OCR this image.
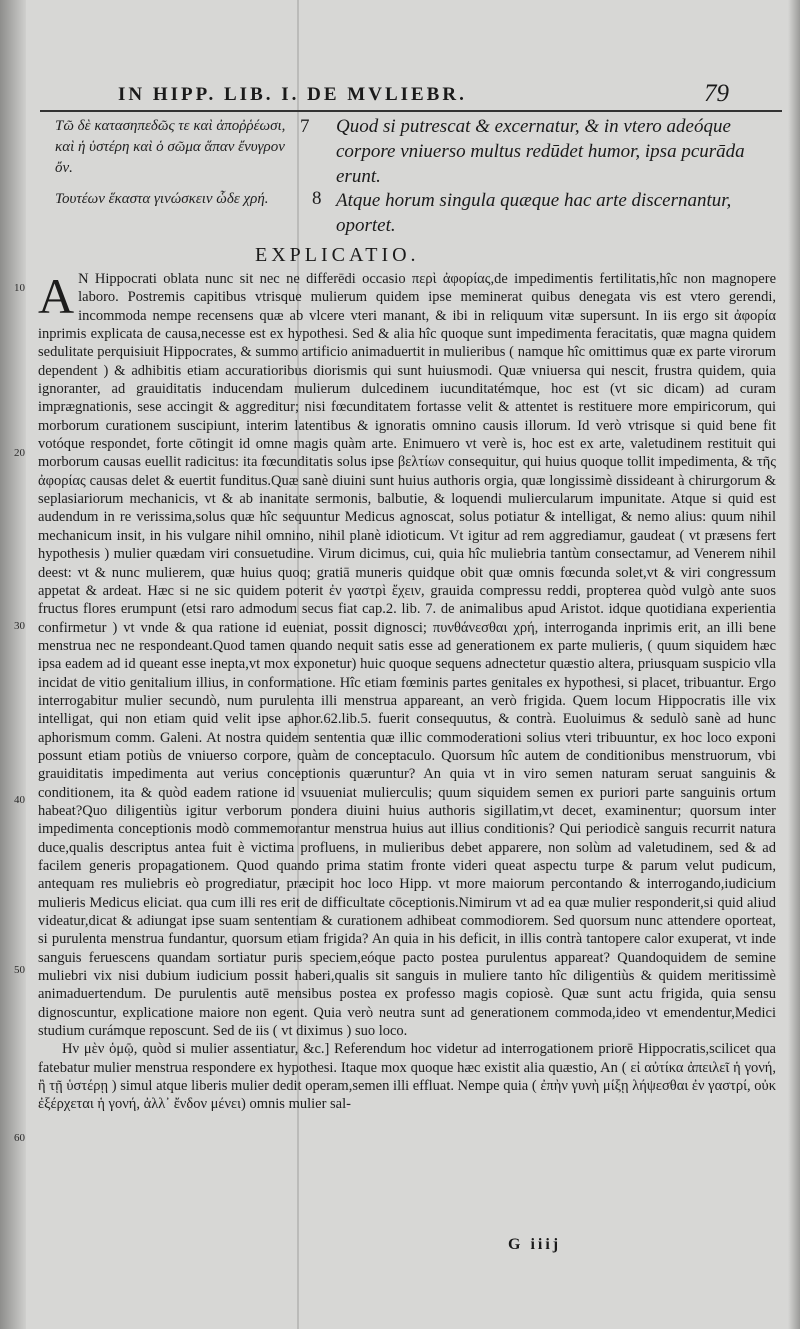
IN HIPP. LIB. I. DE MVLIEBR.	79
Τῶ δὲ κατασηπεδῶς τε καὶ ἀποῤῥέωσι, καὶ ἡ ὑστέρη καὶ ὁ σῶμα ἅπαν ἔνυγρον ὄν.
7 Quod si putrescat & excernatur, & in vtero adeóque corpore vniuerso multus redūdet humor, ipsa pcurāda erunt.
Τουτέων ἕκαστα γινώσκειν ὧδε χρή.	8 Atque horum singula quæque hac arte discernantur, oportet.
EXPLICATIO.
10
20
30
40
50
60

A N Hippocrati oblata nunc sit nec ne differēdi occasio περὶ ἀφορίας,de impedimentis fertilitatis,hîc non magnopere laboro. Postremis capitibus vtrisque mulierum quidem ipse meminerat quibus denegata vis est vtero gerendi, incommoda nempe recensens quæ ab vlcere vteri manant, & ibi in reliquum vitæ supersunt. In iis ergo sit ἀφορία inprimis explicata de causa,necesse est ex hypothesi. Sed & alia hîc quoque sunt impedimenta feracitatis, quæ magna quidem sedulitate perquisiuit Hippocrates, & summo artificio animaduertit in mulieribus ( namque hîc omittimus quæ ex parte virorum dependent ) & adhibitis etiam accuratioribus diorismis qui sunt huiusmodi. Quæ vniuersa qui nescit, frustra quidem, quia ignoranter, ad grauiditatis inducendam mulierum dulcedinem iucunditatémque, hoc est (vt sic dicam) ad curam imprægnationis, sese accingit & aggreditur; nisi fœcunditatem fortasse velit & attentet is restituere more empiricorum, qui morborum curationem suscipiunt, interim latentibus & ignoratis omnino causis illorum. Id verò vtrisque si quid bene fit votóque respondet, forte cōtingit id omne magis quàm arte. Enimuero vt verè is, hoc est ex arte, valetudinem restituit qui morborum causas euellit radicitus: ita fœcunditatis solus ipse βελτίων consequitur, qui huius quoque tollit impedimenta, & τῆς ἀφορίας causas delet & euertit funditus.Quæ sanè diuini sunt huius authoris orgia, quæ longissimè dissideant à chirurgorum & seplasiariorum mechanicis, vt & ab inanitate sermonis, balbutie, & loquendi muliercularum impunitate. Atque si quid est audendum in re verissima,solus quæ hîc sequuntur Medicus agnoscat, solus potiatur & intelligat, & nemo alius: quum nihil mechanicum insit, in his vulgare nihil omnino, nihil planè idioticum. Vt igitur ad rem aggrediamur, gaudeat ( vt præsens fert hypothesis ) mulier quædam viri consuetudine. Virum dicimus, cui, quia hîc muliebria tantùm consectamur, ad Venerem nihil deest: vt & nunc mulierem, quæ huius quoq; gratiā muneris quidque obit quæ omnis fœcunda solet,vt & viri congressum appetat & ardeat. Hæc si ne sic quidem poterit ἐν γαστρὶ ἔχειν, grauida compressu reddi, propterea quòd vulgò ante suos fructus flores erumpunt (etsi raro admodum secus fiat cap.2. lib. 7. de animalibus apud Aristot. idque quotidiana experientia confirmetur ) vt vnde & qua ratione id eueniat, possit dignosci; πυνθάνεσθαι χρή, interroganda inprimis erit, an illi bene menstrua nec ne respondeant.Quod tamen quando nequit satis esse ad generationem ex parte mulieris, ( quum siquidem hæc ipsa eadem ad id queant esse inepta,vt mox exponetur) huic quoque sequens adnectetur quæstio altera, priusquam suspicio vlla incidat de vitio genitalium illius, in conformatione. Hîc etiam fœminis partes genitales ex hypothesi, si placet, tribuantur. Ergo interrogabitur mulier secundò, num purulenta illi menstrua appareant, an verò frigida. Quem locum Hippocratis ille vix intelligat, qui non etiam quid velit ipse aphor.62.lib.5. fuerit consequutus, & contrà. Euoluimus & sedulò sanè ad hunc aphorismum comm. Galeni. At nostra quidem sententia quæ illic commoderationi solius vteri tribuuntur, ex hoc loco exponi possunt etiam potiùs de vniuerso corpore, quàm de conceptaculo. Quorsum hîc autem de conditionibus menstruorum, vbi grauiditatis impedimenta aut verius conceptionis quæruntur? An quia vt in viro semen naturam seruat sanguinis & conditionem, ita & quòd eadem ratione id vsuueniat mulierculis; quum siquidem semen ex puriori parte sanguinis ortum habeat?Quo diligentiùs igitur verborum pondera diuini huius authoris sigillatim,vt decet, examinentur; quorsum inter impedimenta conceptionis modò commemorantur menstrua huius aut illius conditionis? Qui periodicè sanguis recurrit natura duce,qualis descriptus antea fuit è victima profluens, in mulieribus debet apparere, non solùm ad valetudinem, sed & ad facilem generis propagationem. Quod quando prima statim fronte videri queat aspectu turpe & parum velut pudicum, antequam res muliebris eò progrediatur, præcipit hoc loco Hipp. vt more maiorum percontando & interrogando,iudicium mulieris Medicus eliciat. qua cum illi res erit de difficultate cōceptionis.Nimirum vt ad ea quæ mulier responderit,si quid aliud videatur,dicat & adiungat ipse suam sententiam & curationem adhibeat commodiorem. Sed quorsum nunc attendere oporteat, si purulenta menstrua fundantur, quorsum etiam frigida? An quia in his deficit, in illis contrà tantopere calor exuperat, vt inde sanguis feruescens quandam sortiatur puris speciem,eóque pacto postea purulentus appareat? Quandoquidem de semine muliebri vix nisi dubium iudicium possit haberi,qualis sit sanguis in muliere tanto hîc diligentiùs & quidem meritissimè animaduertendum. De purulentis autē mensibus postea ex professo magis copiosè. Quæ sunt actu frigida, quia sensu dignoscuntur, explicatione maiore non egent. Quia verò neutra sunt ad generationem commoda,ideo vt emendentur,Medici studium curámque reposcunt. Sed de iis ( vt diximus ) suo loco.

Ην μὲν ὁμῷ, quòd si mulier assentiatur, &c.] Referendum hoc videtur ad interrogationem priorē Hippocratis,scilicet qua fatebatur mulier menstrua respondere ex hypothesi. Itaque mox quoque hæc existit alia quæstio, An ( εἰ αὐτίκα ἀπειλεῖ ἡ γονή, ἢ τῇ ὑστέρῃ ) simul atque liberis mulier dedit operam,semen illi effluat. Nempe quia ( ἐπὴν γυνὴ μίξῃ λήψεσθαι ἐν γαστρί, οὐκ ἐξέρχεται ἡ γονή, ἀλλ᾽ ἔνδον μένει) omnis mulier sal-

G iiij
